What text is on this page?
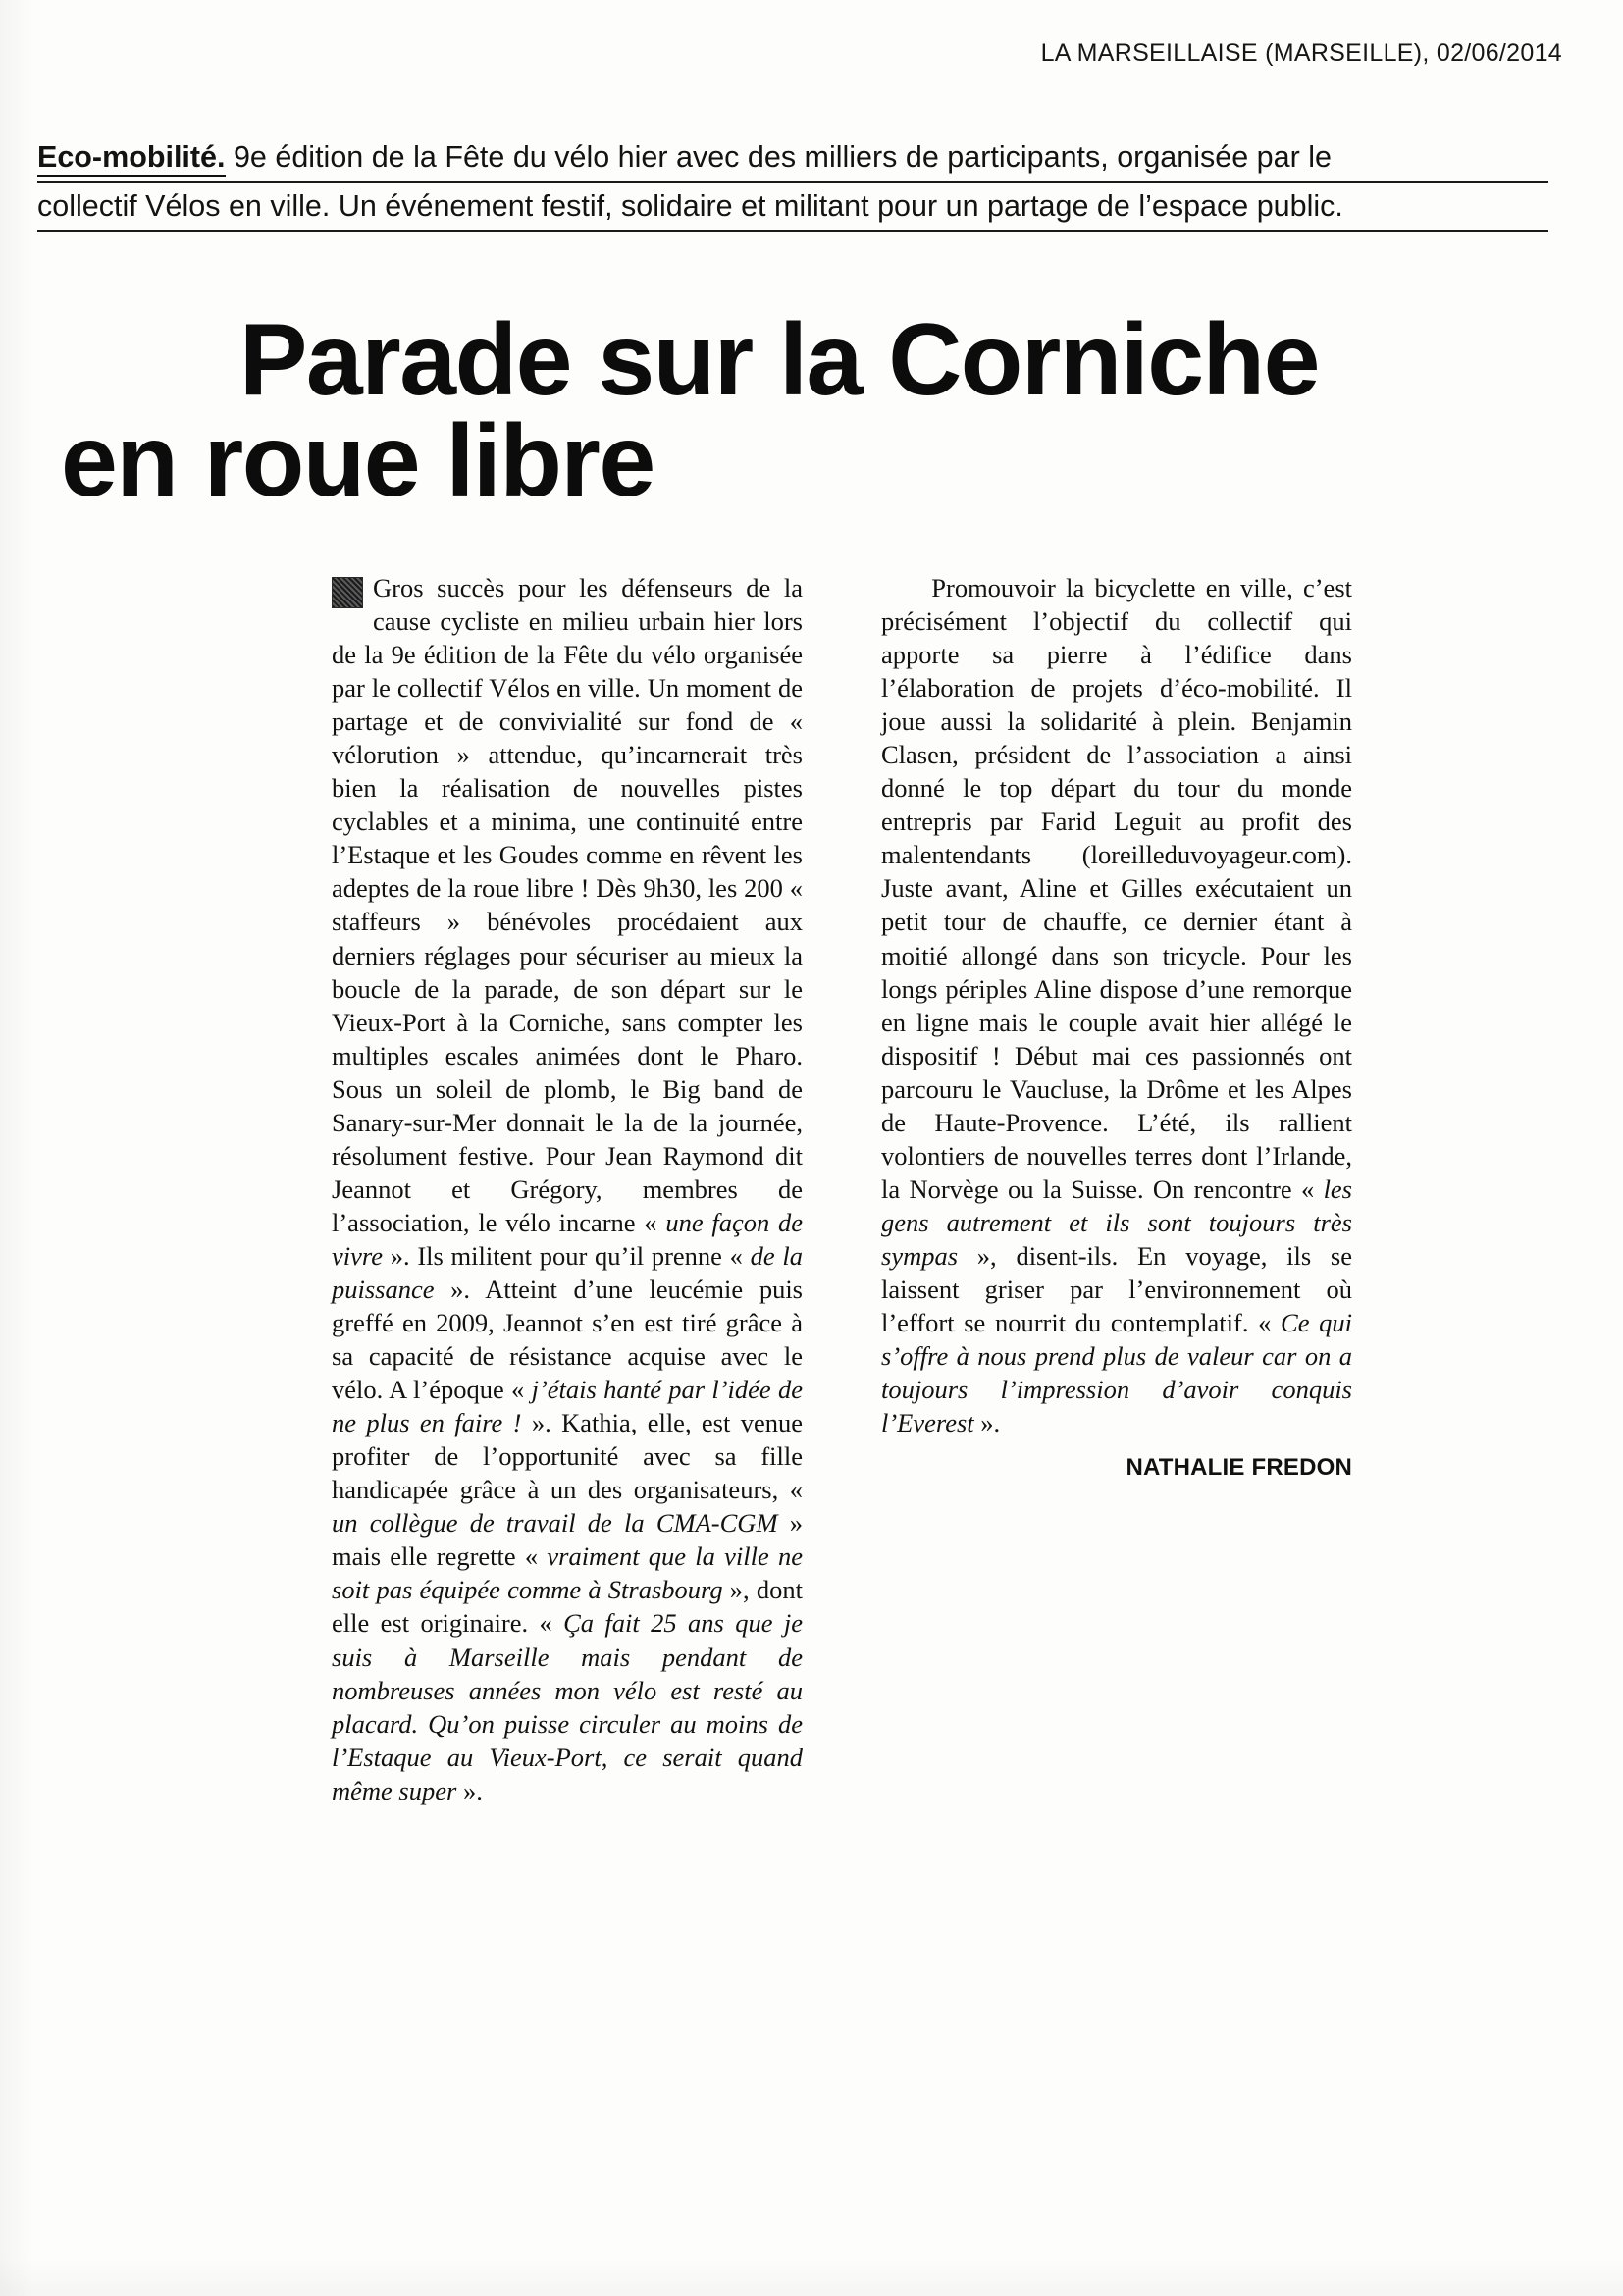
LA MARSEILLAISE (MARSEILLE), 02/06/2014
Eco-mobilité. 9e édition de la Fête du vélo hier avec des milliers de participants, organisée par le
collectif Vélos en ville. Un événement festif, solidaire et militant pour un partage de l’espace public.
Parade sur la Corniche
en roue libre

Gros succès pour les défenseurs de la cause cycliste en milieu urbain hier lors de la 9e édition de la Fête du vélo organisée par le collectif Vélos en ville. Un moment de partage et de convivialité sur fond de « vélorution » attendue, qu’incarnerait très bien la réalisation de nouvelles pistes cyclables et a minima, une continuité entre l’Estaque et les Goudes comme en rêvent les adeptes de la roue libre ! Dès 9h30, les 200 « staffeurs » bénévoles procédaient aux derniers réglages pour sécuriser au mieux la boucle de la parade, de son départ sur le Vieux-Port à la Corniche, sans compter les multiples escales animées dont le Pharo. Sous un soleil de plomb, le Big band de Sanary-sur-Mer donnait le la de la journée, résolument festive. Pour Jean Raymond dit Jeannot et Grégory, membres de l’association, le vélo incarne « une façon de vivre ». Ils militent pour qu’il prenne « de la puissance ». Atteint d’une leucémie puis greffé en 2009, Jeannot s’en est tiré grâce à sa capacité de résistance acquise avec le vélo. A l’époque « j’étais hanté par l’idée de ne plus en faire ! ». Kathia, elle, est venue profiter de l’opportunité avec sa fille handicapée grâce à un des organisateurs, « un collègue de travail de la CMA-CGM » mais elle regrette « vraiment que la ville ne soit pas équipée comme à Strasbourg », dont elle est originaire. « Ça fait 25 ans que je suis à Marseille mais pendant de nombreuses années mon vélo est resté au placard. Qu’on puisse circuler au moins de l’Estaque au Vieux-Port, ce serait quand même super ».

Promouvoir la bicyclette en ville, c’est précisément l’objectif du collectif qui apporte sa pierre à l’édifice dans l’élaboration de projets d’éco-mobilité. Il joue aussi la solidarité à plein. Benjamin Clasen, président de l’association a ainsi donné le top départ du tour du monde entrepris par Farid Leguit au profit des malentendants (loreilleduvoyageur.com). Juste avant, Aline et Gilles exécutaient un petit tour de chauffe, ce dernier étant à moitié allongé dans son tricycle. Pour les longs périples Aline dispose d’une remorque en ligne mais le couple avait hier allégé le dispositif ! Début mai ces passionnés ont parcouru le Vaucluse, la Drôme et les Alpes de Haute-Provence. L’été, ils rallient volontiers de nouvelles terres dont l’Irlande, la Norvège ou la Suisse. On rencontre « les gens autrement et ils sont toujours très sympas », disent-ils. En voyage, ils se laissent griser par l’environnement où l’effort se nourrit du contemplatif. « Ce qui s’offre à nous prend plus de valeur car on a toujours l’impression d’avoir conquis l’Everest ».

NATHALIE FREDON
